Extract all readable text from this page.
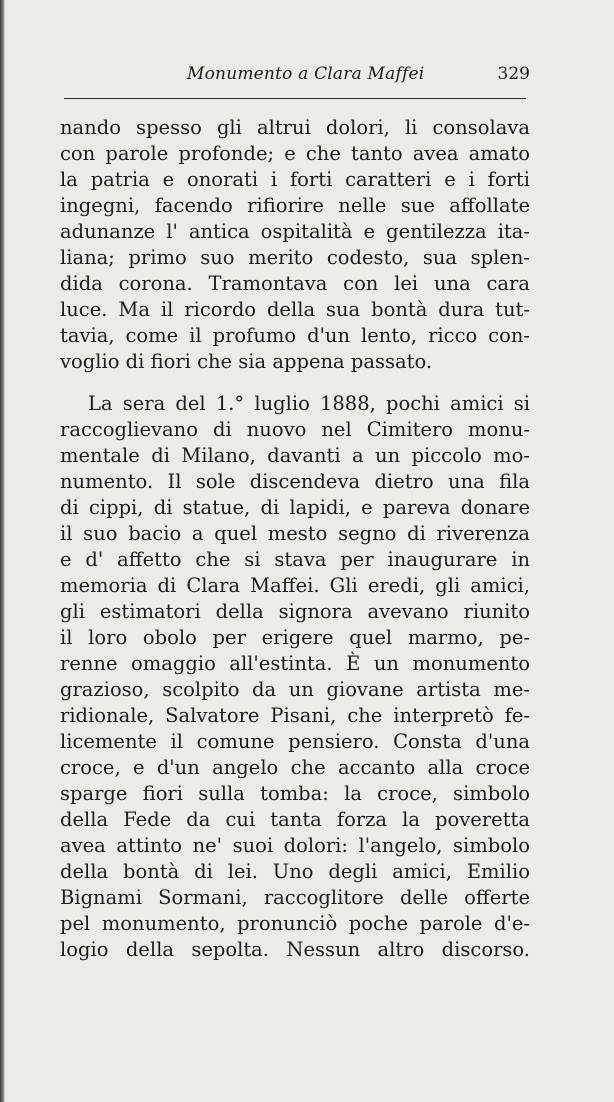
Monumento a Clara Maffei	329
nando spesso gli altrui dolori, li consolava
con parole profonde; e che tanto avea amato
la patria e onorati i forti caratteri e i forti
ingegni, facendo rifiorire nelle sue affollate
adunanze l' antica ospitalità e gentilezza ita-
liana; primo suo merito codesto, sua splen-
dida corona. Tramontava con lei una cara
luce. Ma il ricordo della sua bontà dura tut-
tavia, come il profumo d'un lento, ricco con-
voglio di fiori che sia appena passato.
La sera del 1.° luglio 1888, pochi amici si
raccoglievano di nuovo nel Cimitero monu-
mentale di Milano, davanti a un piccolo mo-
numento. Il sole discendeva dietro una fila
di cippi, di statue, di lapidi, e pareva donare
il suo bacio a quel mesto segno di riverenza
e d' affetto che si stava per inaugurare in
memoria di Clara Maffei. Gli eredi, gli amici,
gli estimatori della signora avevano riunito
il loro obolo per erigere quel marmo, pe-
renne omaggio all'estinta. È un monumento
grazioso, scolpito da un giovane artista me-
ridionale, Salvatore Pisani, che interpretò fe-
licemente il comune pensiero. Consta d'una
croce, e d'un angelo che accanto alla croce
sparge fiori sulla tomba: la croce, simbolo
della Fede da cui tanta forza la poveretta
avea attinto ne' suoi dolori: l'angelo, simbolo
della bontà di lei. Uno degli amici, Emilio
Bignami Sormani, raccoglitore delle offerte
pel monumento, pronunciò poche parole d'e-
logio della sepolta. Nessun altro discorso.
